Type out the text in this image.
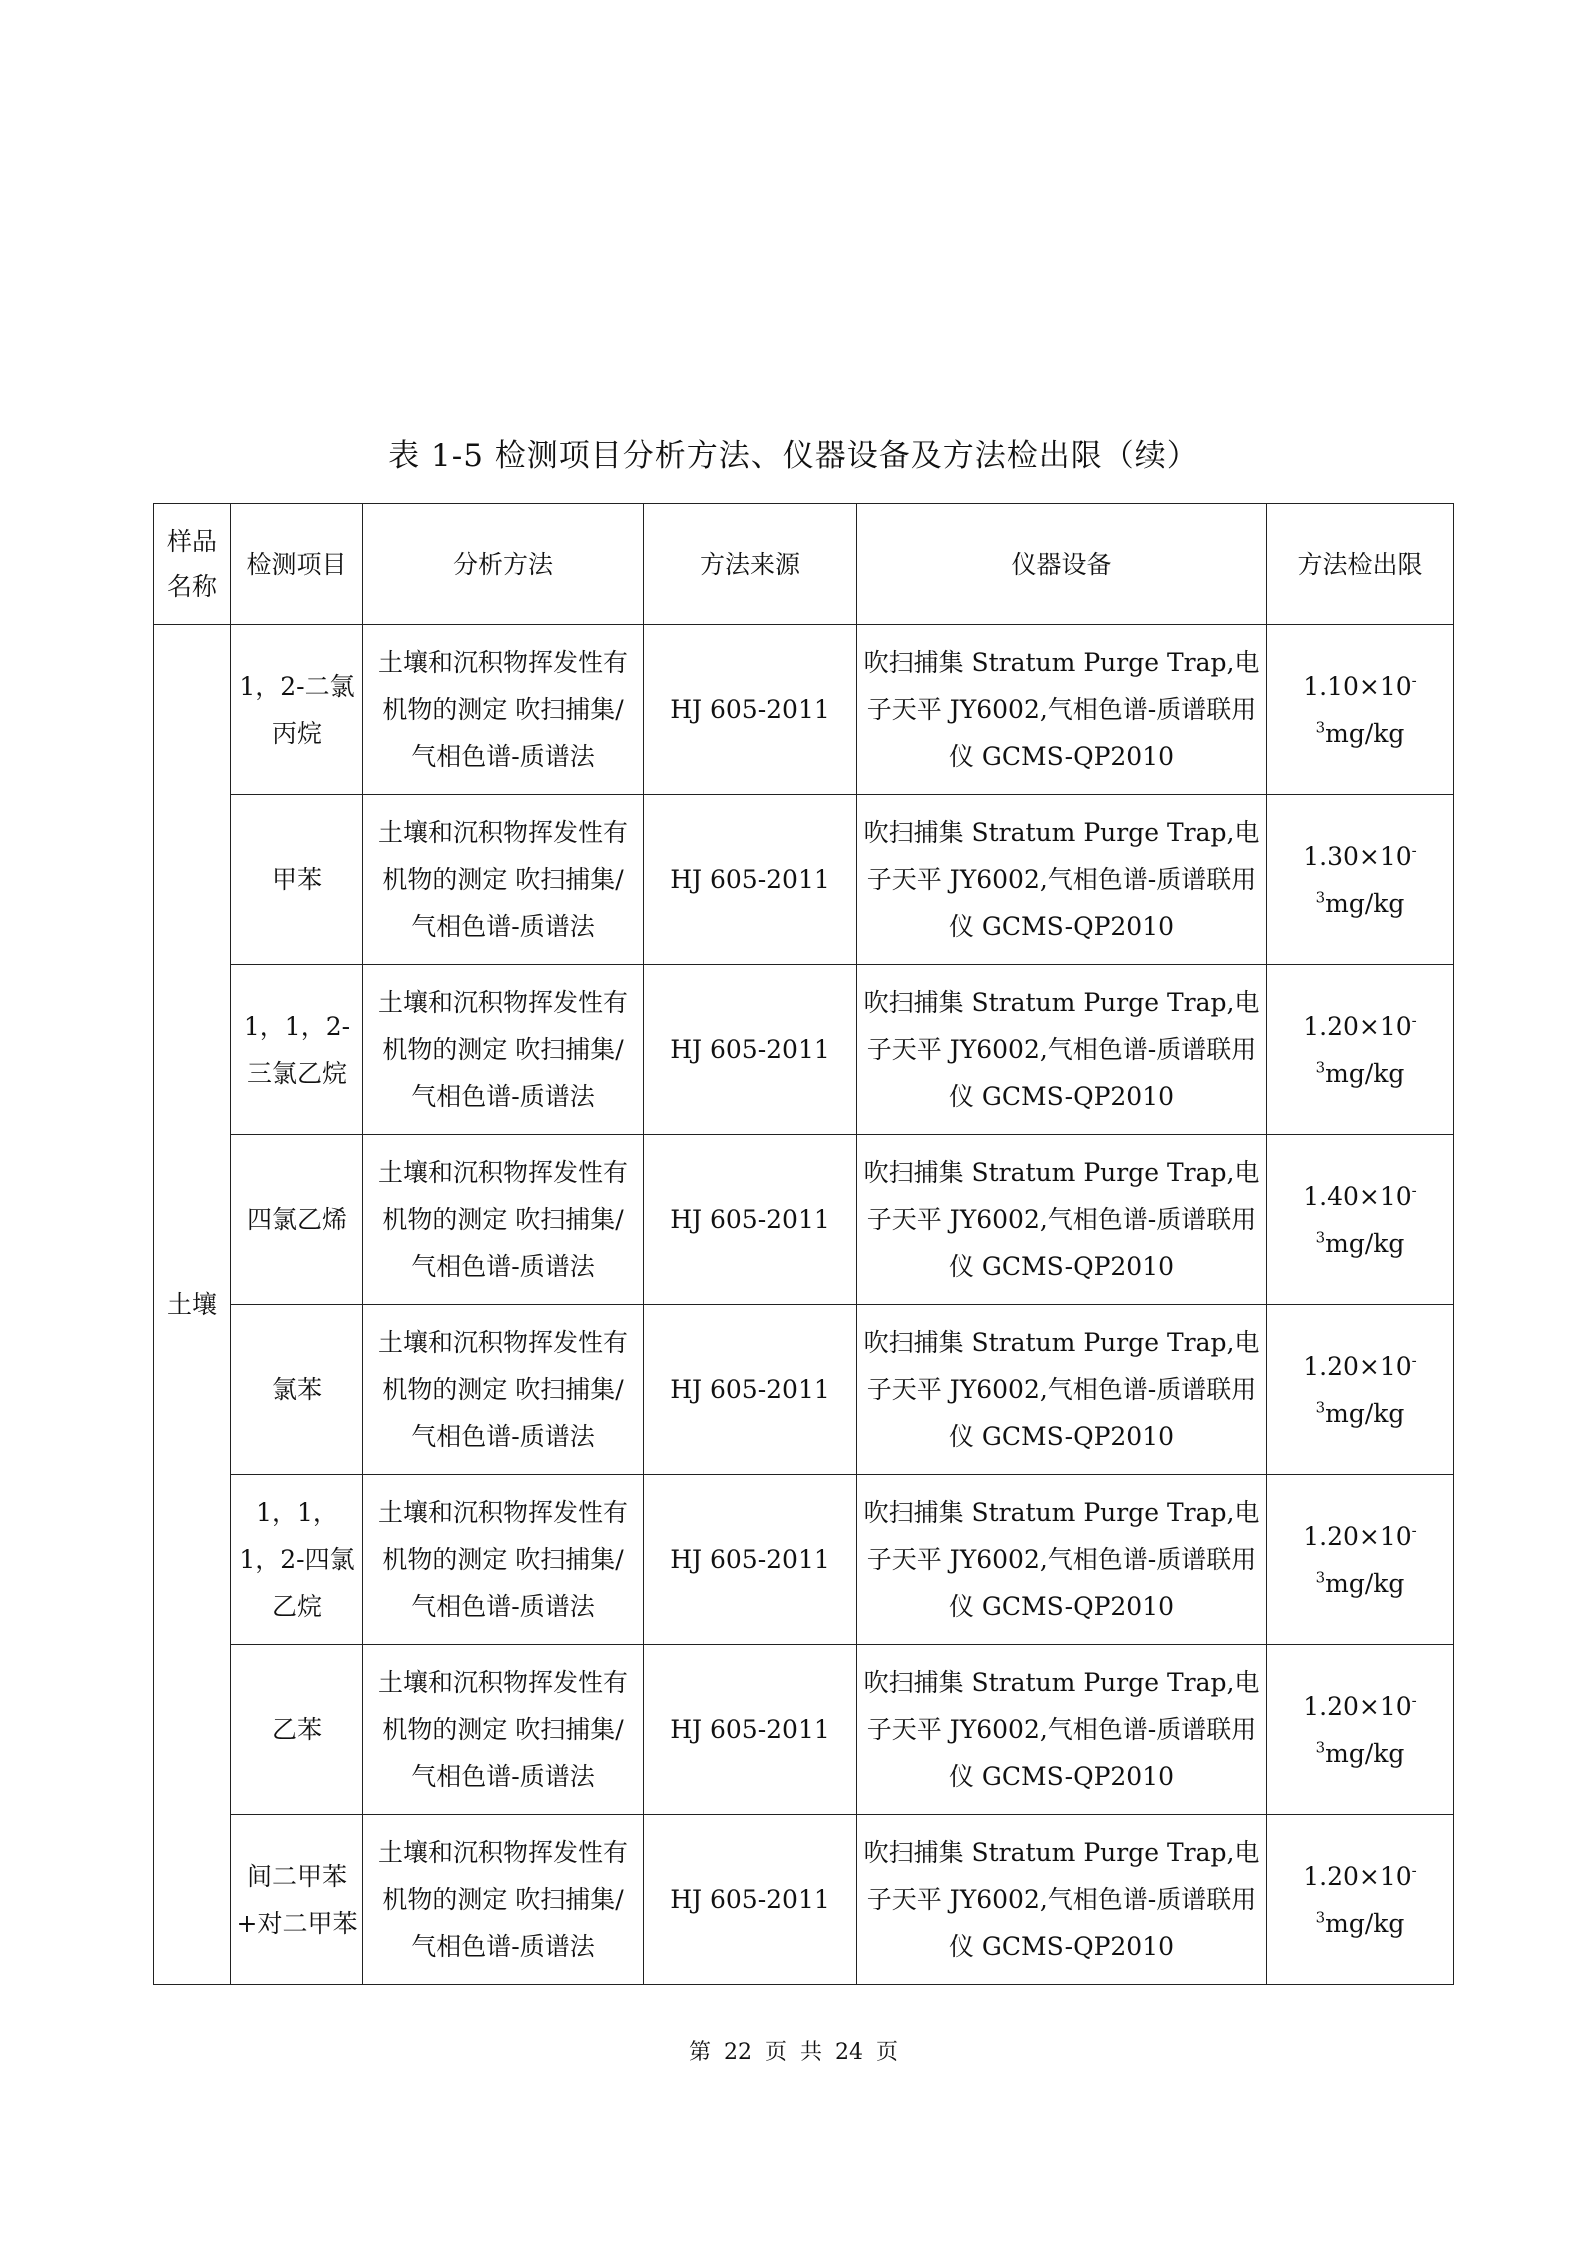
表 1-5 检测项目分析方法、仪器设备及方法检出限（续）
样品名称	检测项目	分析方法	方法来源	仪器设备	方法检出限
土壤	1，2-二氯丙烷	土壤和沉积物挥发性有机物的测定 吹扫捕集/气相色谱-质谱法	HJ 605-2011	吹扫捕集 Stratum Purge Trap,电子天平 JY6002,气相色谱-质谱联用仪 GCMS-QP2010	$1.10\times 10^{-3}mg/kg$
	甲苯	土壤和沉积物挥发性有机物的测定 吹扫捕集/气相色谱-质谱法	HJ 605-2011	吹扫捕集 Stratum Purge Trap,电子天平 JY6002,气相色谱-质谱联用仪 GCMS-QP2010	$1.30\times 10^{-3}mg/kg$
	1，1，2-三氯乙烷	土壤和沉积物挥发性有机物的测定 吹扫捕集/气相色谱-质谱法	HJ 605-2011	吹扫捕集 Stratum Purge Trap,电子天平 JY6002,气相色谱-质谱联用仪 GCMS-QP2010	$1.20\times 10^{-3}mg/kg$
	四氯乙烯	土壤和沉积物挥发性有机物的测定 吹扫捕集/气相色谱-质谱法	HJ 605-2011	吹扫捕集 Stratum Purge Trap,电子天平 JY6002,气相色谱-质谱联用仪 GCMS-QP2010	$1.40\times 10^{-3}mg/kg$
	氯苯	土壤和沉积物挥发性有机物的测定 吹扫捕集/气相色谱-质谱法	HJ 605-2011	吹扫捕集 Stratum Purge Trap,电子天平 JY6002,气相色谱-质谱联用仪 GCMS-QP2010	$1.20\times 10^{-3}mg/kg$
	1，1，1，2-四氯乙烷	土壤和沉积物挥发性有机物的测定 吹扫捕集/气相色谱-质谱法	HJ 605-2011	吹扫捕集 Stratum Purge Trap,电子天平 JY6002,气相色谱-质谱联用仪 GCMS-QP2010	$1.20\times 10^{-3}mg/kg$
	乙苯	土壤和沉积物挥发性有机物的测定 吹扫捕集/气相色谱-质谱法	HJ 605-2011	吹扫捕集 Stratum Purge Trap,电子天平 JY6002,气相色谱-质谱联用仪 GCMS-QP2010	$1.20\times 10^{-3}mg/kg$
	间二甲苯+对二甲苯	土壤和沉积物挥发性有机物的测定 吹扫捕集/气相色谱-质谱法	HJ 605-2011	吹扫捕集 Stratum Purge Trap,电子天平 JY6002,气相色谱-质谱联用仪 GCMS-QP2010	$1.20\times 10^{-3}mg/kg$
第 22 页 共 24 页
